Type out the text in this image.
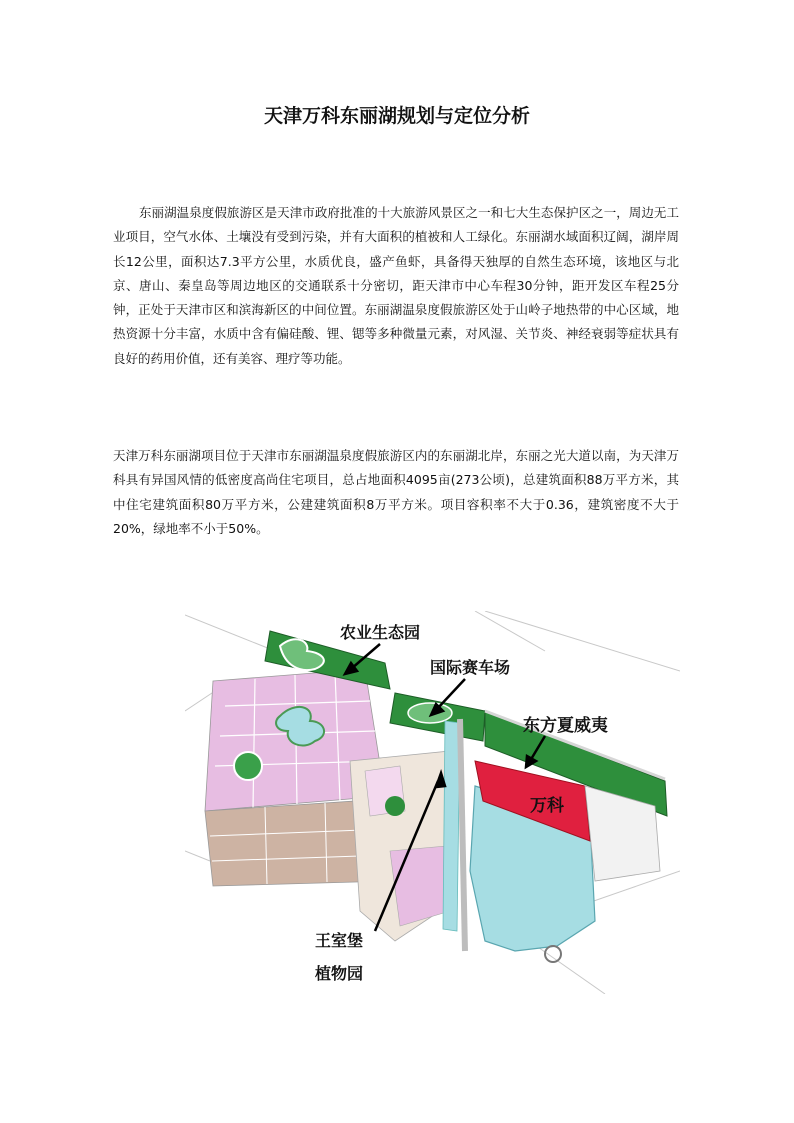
天津万科东丽湖规划与定位分析

东丽湖温泉度假旅游区是天津市政府批准的十大旅游风景区之一和七大生态保护区之一，周边无工业项目，空气水体、土壤没有受到污染，并有大面积的植被和人工绿化。东丽湖水域面积辽阔，湖岸周长12公里，面积达7.3平方公里，水质优良，盛产鱼虾，具备得天独厚的自然生态环境，该地区与北京、唐山、秦皇岛等周边地区的交通联系十分密切，距天津市中心车程30分钟，距开发区车程25分钟，正处于天津市区和滨海新区的中间位置。东丽湖温泉度假旅游区处于山岭子地热带的中心区域，地热资源十分丰富，水质中含有偏硅酸、锂、锶等多种微量元素，对风湿、关节炎、神经衰弱等症状具有良好的药用价值，还有美容、理疗等功能。

天津万科东丽湖项目位于天津市东丽湖温泉度假旅游区内的东丽湖北岸，东丽之光大道以南，为天津万科具有异国风情的低密度高尚住宅项目，总占地面积4095亩(273公顷)，总建筑面积88万平方米，其中住宅建筑面积80万平方米，公建建筑面积8万平方米。项目容积率不大于0.36，建筑密度不大于20%，绿地率不小于50%。

农业生态园
国际赛车场
东方夏威夷
万科
王室堡
植物园
